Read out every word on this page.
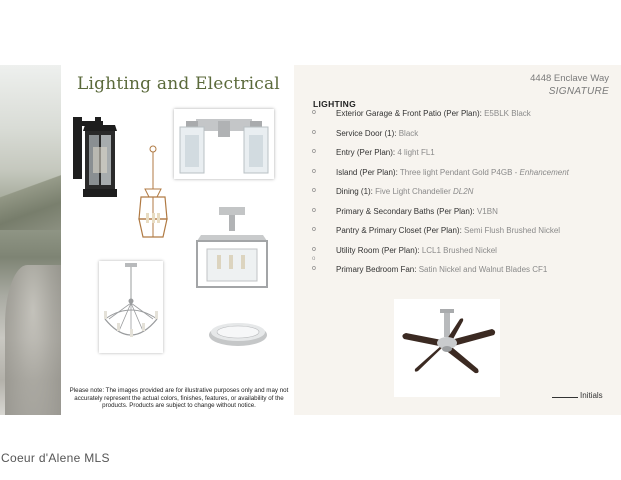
Lighting and Electrical
Please note: The images provided are for illustrative purposes only and may not accurately represent the actual colors, finishes, features, or availability of the products. Products are subject to change without notice.
4448 Enclave Way
SIGNATURE
LIGHTING
o	Exterior Garage & Front Patio (Per Plan): E5BLK Black
o	Service Door (1): Black
o	Entry (Per Plan): 4 light FL1
o	Island (Per Plan): Three light Pendant Gold P4GB - Enhancement
o	Dining (1): Five Light Chandelier DL2N
o	Primary & Secondary Baths (Per Plan): V1BN
o	Pantry & Primary Closet (Per Plan): Semi Flush Brushed Nickel
o	Utility Room (Per Plan): LCL1 Brushed Nickel
o
o	Primary Bedroom Fan: Satin Nickel and Walnut Blades CF1
Initials
Coeur d'Alene MLS
